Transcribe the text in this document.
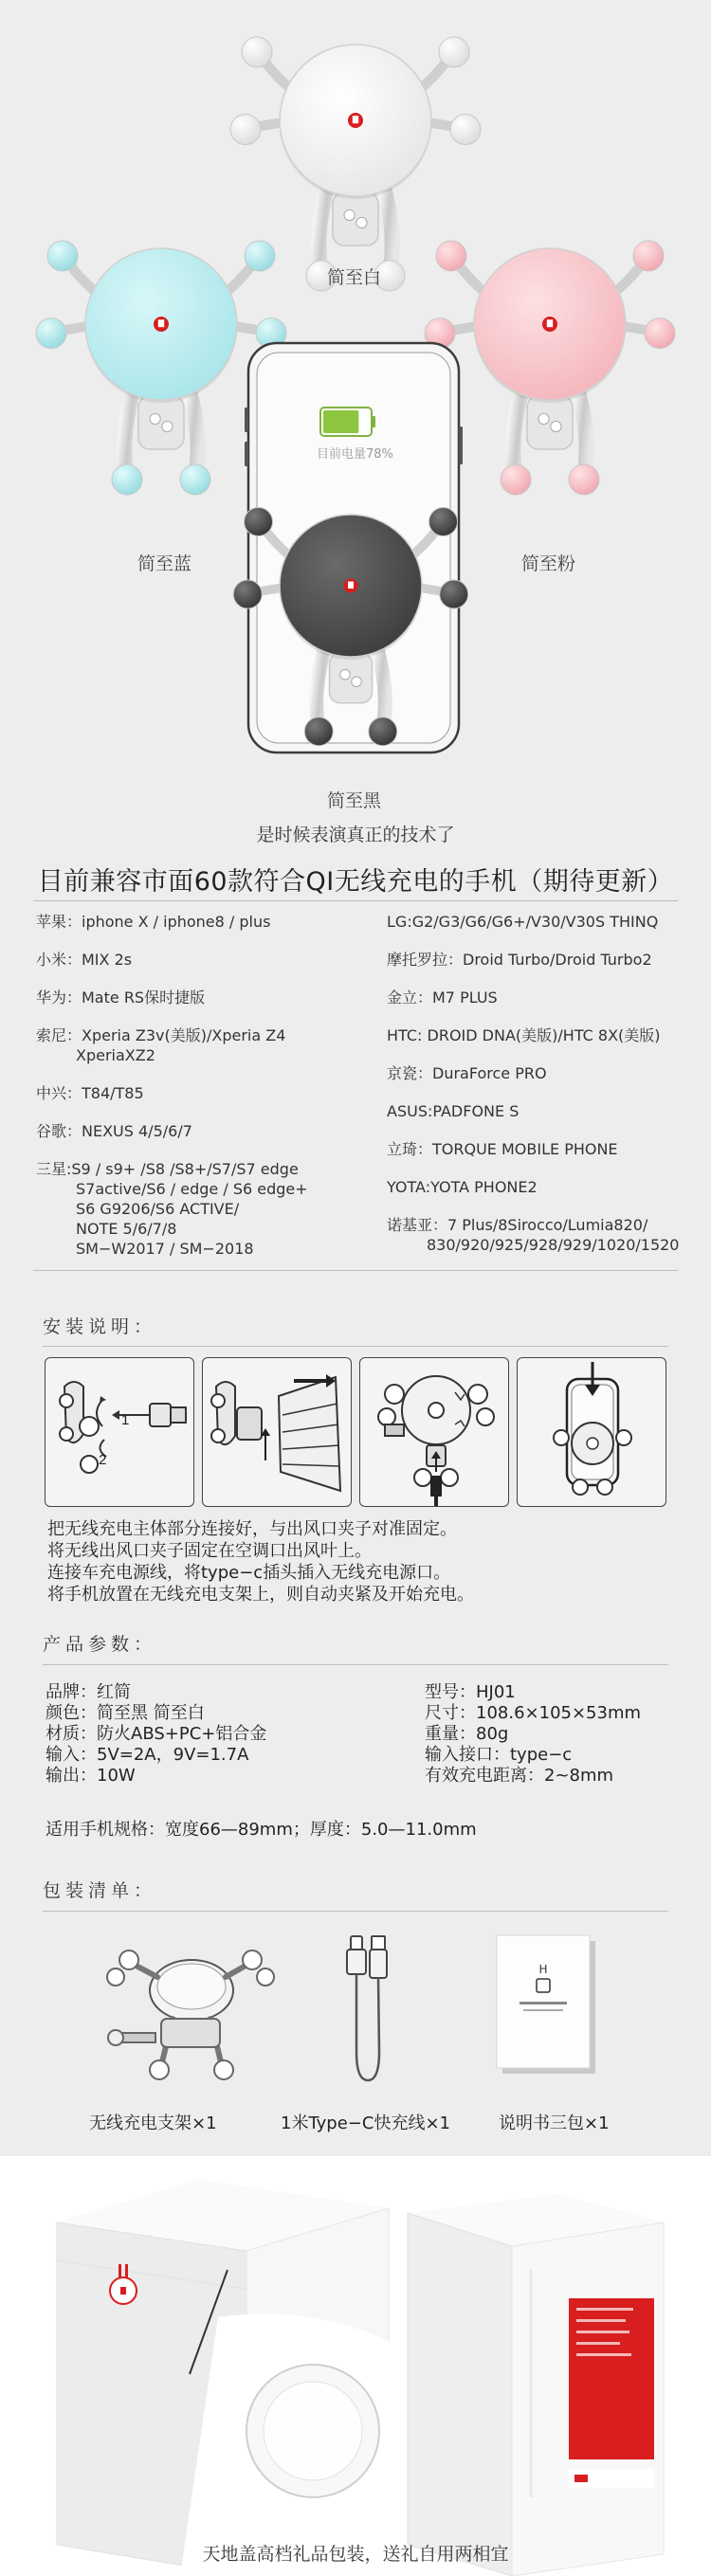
简至白
简至蓝	简至粉
简至黑
目前电量78%
是时候表演真正的技术了
目前兼容市面60款符合QI无线充电的手机（期待更新）
苹果：iphone X / iphone8 / plus
小米：MIX 2s
华为：Mate RS保时捷版
索尼：Xperia Z3v(美版)/Xperia Z4
XperiaXZ2
中兴：T84/T85
谷歌：NEXUS 4/5/6/7
三星:S9 / s9+ /S8 /S8+/S7/S7 edge
S7active/S6 / edge / S6 edge+
S6 G9206/S6 ACTIVE/
NOTE 5/6/7/8
SM−W2017 / SM−2018
LG:G2/G3/G6/G6+/V30/V30S THINQ
摩托罗拉：Droid Turbo/Droid Turbo2
金立：M7 PLUS
HTC: DROID DNA(美版)/HTC 8X(美版)
京瓷：DuraForce PRO
ASUS:PADFONE S
立琦：TORQUE MOBILE PHONE
YOTA:YOTA PHONE2
诺基亚：7 Plus/8Sirocco/Lumia820/
830/920/925/928/929/1020/1520
安装说明：
1
2
把无线充电主体部分连接好，与出风口夹子对准固定。
将无线出风口夹子固定在空调口出风叶上。
连接车充电源线，将type−c插头插入无线充电源口。
将手机放置在无线充电支架上，则自动夹紧及开始充电。
产品参数：
品牌：红简
颜色：简至黑 简至白
材质：防火ABS+PC+铝合金
输入：5V=2A，9V=1.7A
输出：10W
型号：HJ01
尺寸：108.6×105×53mm
重量：80g
输入接口：type−c
有效充电距离：2~8mm
适用手机规格：宽度66—89mm；厚度：5.0—11.0mm
包装清单：
H
无线充电支架×1	1米Type−C快充线×1	说明书三包×1
天地盖高档礼品包装，送礼自用两相宜
